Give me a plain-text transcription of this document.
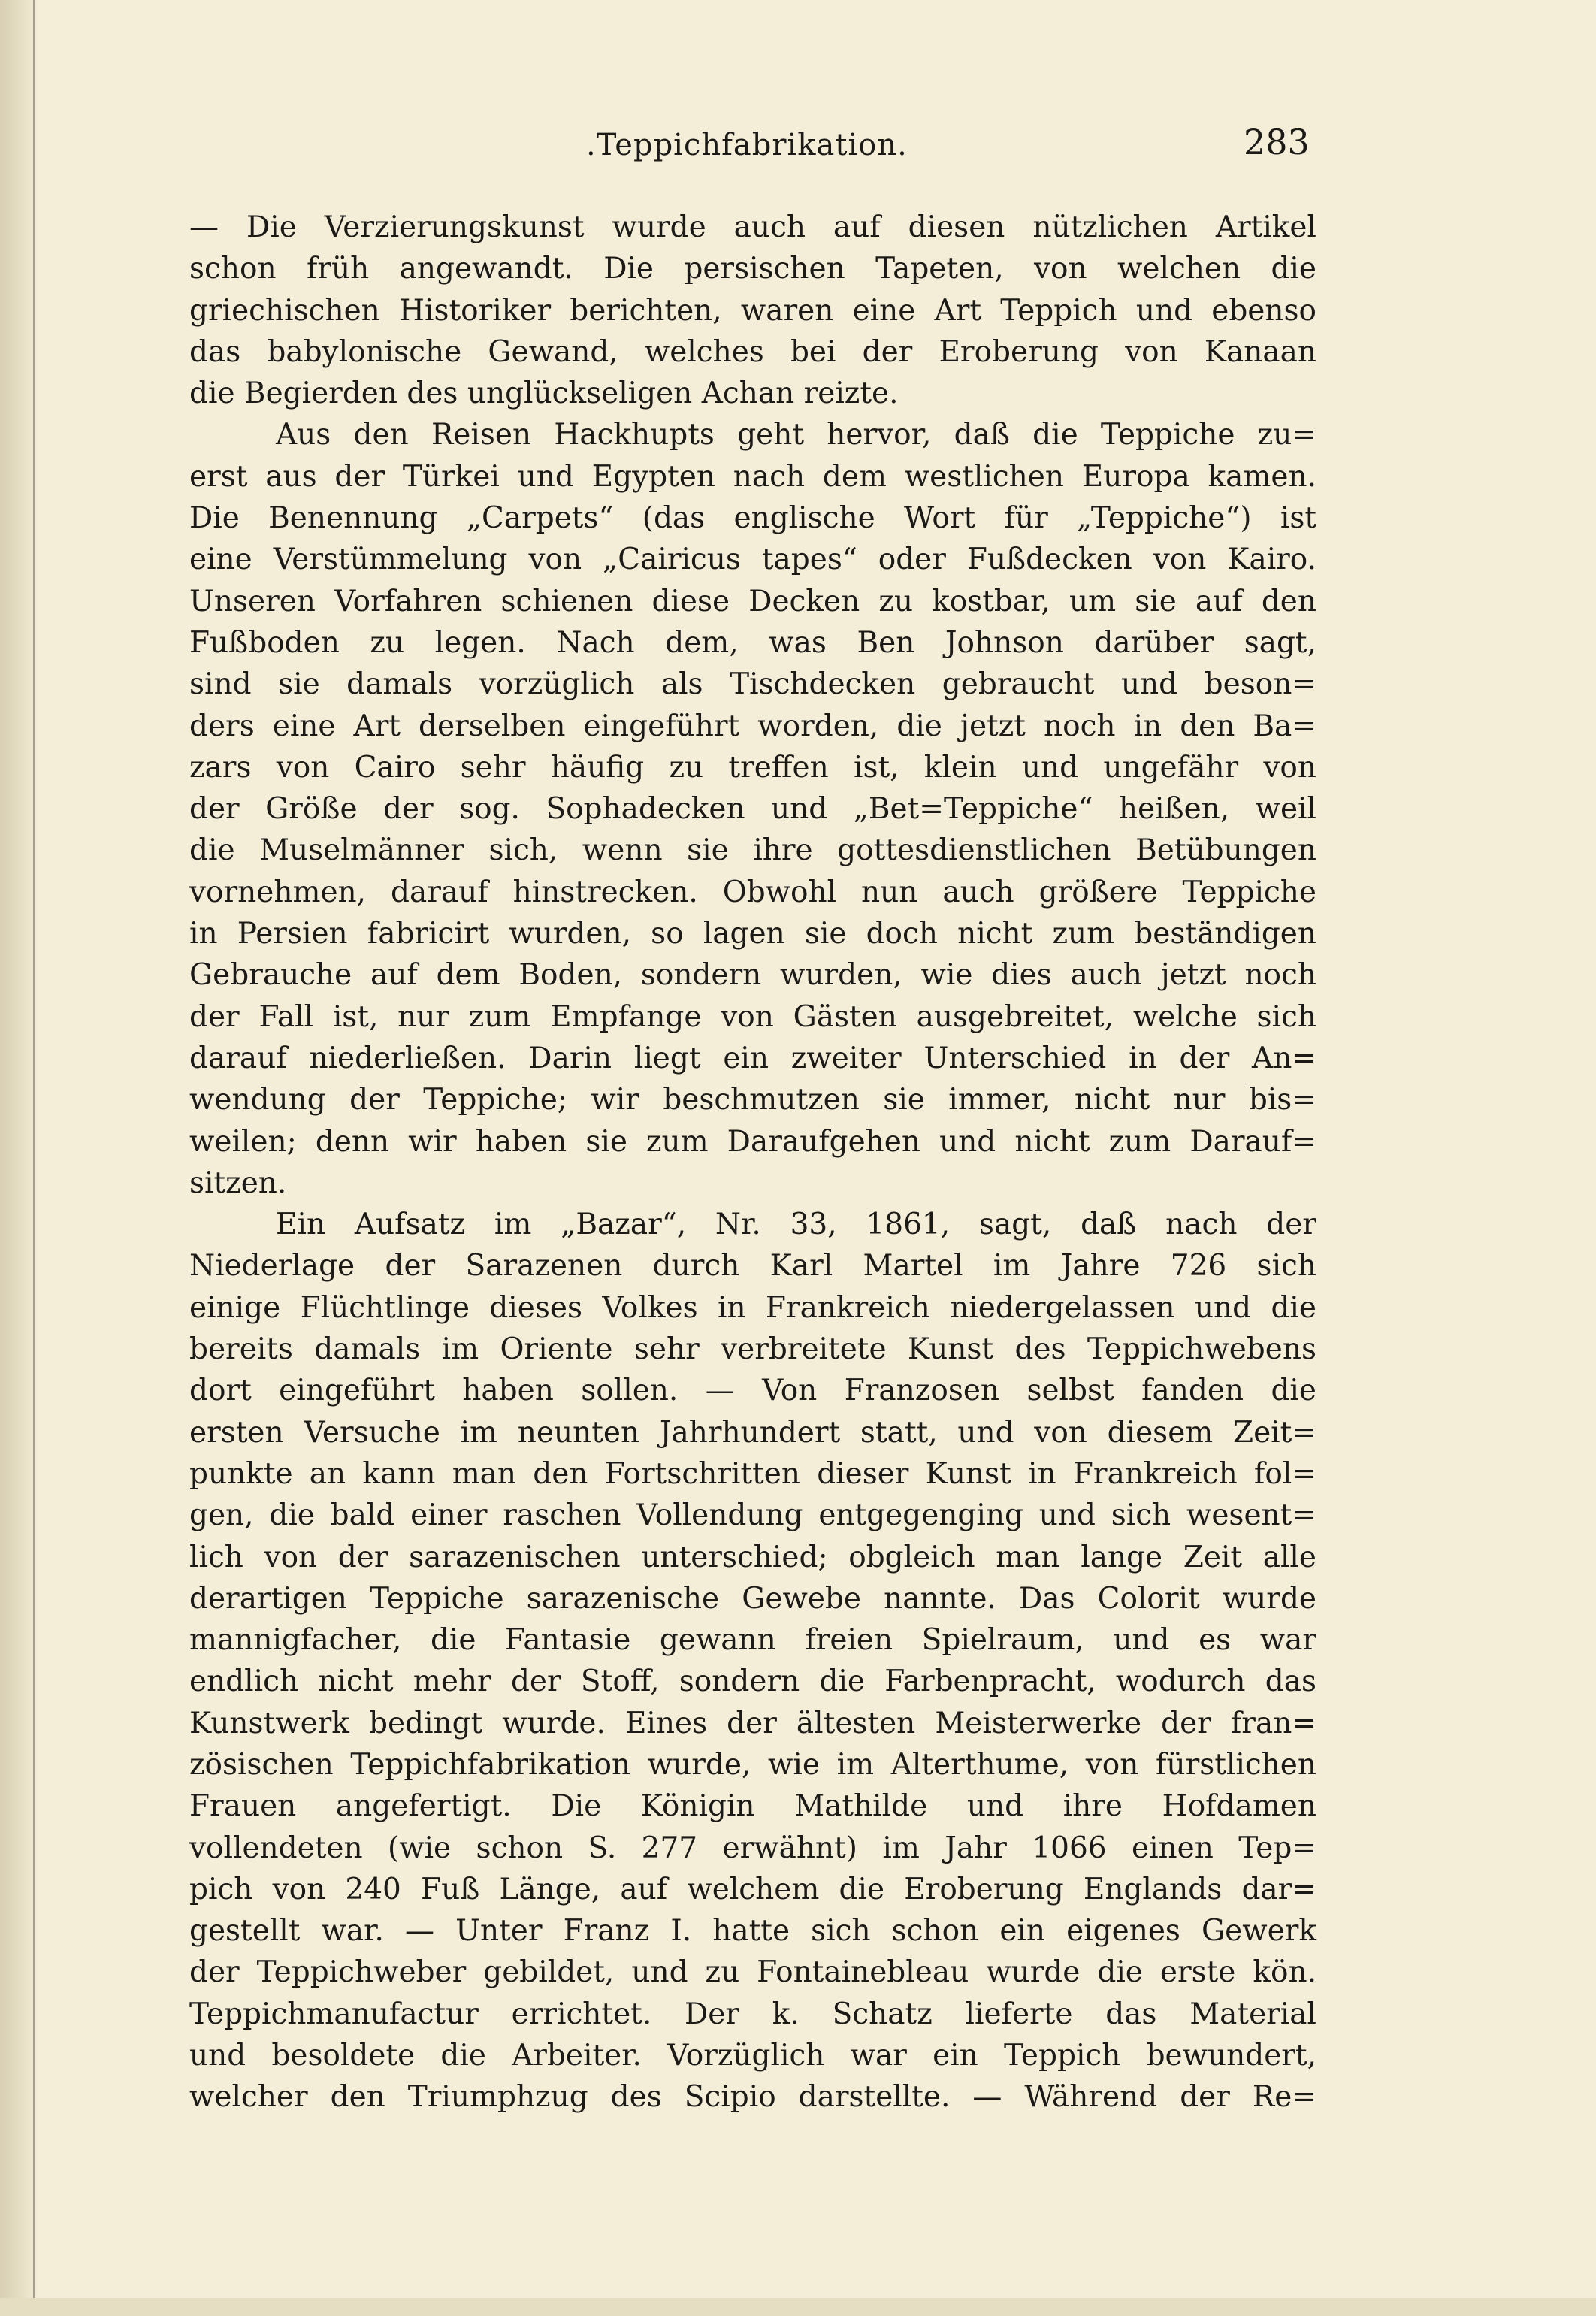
.Teppichfabrikation.	283
— Die Verzierungskunst wurde auch auf diesen nützlichen Artikel
schon früh angewandt. Die persischen Tapeten, von welchen die
griechischen Historiker berichten, waren eine Art Teppich und ebenso
das babylonische Gewand, welches bei der Eroberung von Kanaan
die Begierden des unglückseligen Achan reizte.
Aus den Reisen Hackhupts geht hervor, daß die Teppiche zu=
erst aus der Türkei und Egypten nach dem westlichen Europa kamen.
Die Benennung „Carpets“ (das englische Wort für „Teppiche“) ist
eine Verstümmelung von „Cairicus tapes“ oder Fußdecken von Kairo.
Unseren Vorfahren schienen diese Decken zu kostbar, um sie auf den
Fußboden zu legen. Nach dem, was Ben Johnson darüber sagt,
sind sie damals vorzüglich als Tischdecken gebraucht und beson=
ders eine Art derselben eingeführt worden, die jetzt noch in den Ba=
zars von Cairo sehr häufig zu treffen ist, klein und ungefähr von
der Größe der sog. Sophadecken und „Bet=Teppiche“ heißen, weil
die Muselmänner sich, wenn sie ihre gottesdienstlichen Betübungen
vornehmen, darauf hinstrecken. Obwohl nun auch größere Teppiche
in Persien fabricirt wurden, so lagen sie doch nicht zum beständigen
Gebrauche auf dem Boden, sondern wurden, wie dies auch jetzt noch
der Fall ist, nur zum Empfange von Gästen ausgebreitet, welche sich
darauf niederließen. Darin liegt ein zweiter Unterschied in der An=
wendung der Teppiche; wir beschmutzen sie immer, nicht nur bis=
weilen; denn wir haben sie zum Daraufgehen und nicht zum Darauf=
sitzen.
Ein Aufsatz im „Bazar“, Nr. 33, 1861, sagt, daß nach der
Niederlage der Sarazenen durch Karl Martel im Jahre 726 sich
einige Flüchtlinge dieses Volkes in Frankreich niedergelassen und die
bereits damals im Oriente sehr verbreitete Kunst des Teppichwebens
dort eingeführt haben sollen. — Von Franzosen selbst fanden die
ersten Versuche im neunten Jahrhundert statt, und von diesem Zeit=
punkte an kann man den Fortschritten dieser Kunst in Frankreich fol=
gen, die bald einer raschen Vollendung entgegenging und sich wesent=
lich von der sarazenischen unterschied; obgleich man lange Zeit alle
derartigen Teppiche sarazenische Gewebe nannte. Das Colorit wurde
mannigfacher, die Fantasie gewann freien Spielraum, und es war
endlich nicht mehr der Stoff, sondern die Farbenpracht, wodurch das
Kunstwerk bedingt wurde. Eines der ältesten Meisterwerke der fran=
zösischen Teppichfabrikation wurde, wie im Alterthume, von fürstlichen
Frauen angefertigt. Die Königin Mathilde und ihre Hofdamen
vollendeten (wie schon S. 277 erwähnt) im Jahr 1066 einen Tep=
pich von 240 Fuß Länge, auf welchem die Eroberung Englands dar=
gestellt war. — Unter Franz I. hatte sich schon ein eigenes Gewerk
der Teppichweber gebildet, und zu Fontainebleau wurde die erste kön.
Teppichmanufactur errichtet. Der k. Schatz lieferte das Material
und besoldete die Arbeiter. Vorzüglich war ein Teppich bewundert,
welcher den Triumphzug des Scipio darstellte. — Während der Re=
